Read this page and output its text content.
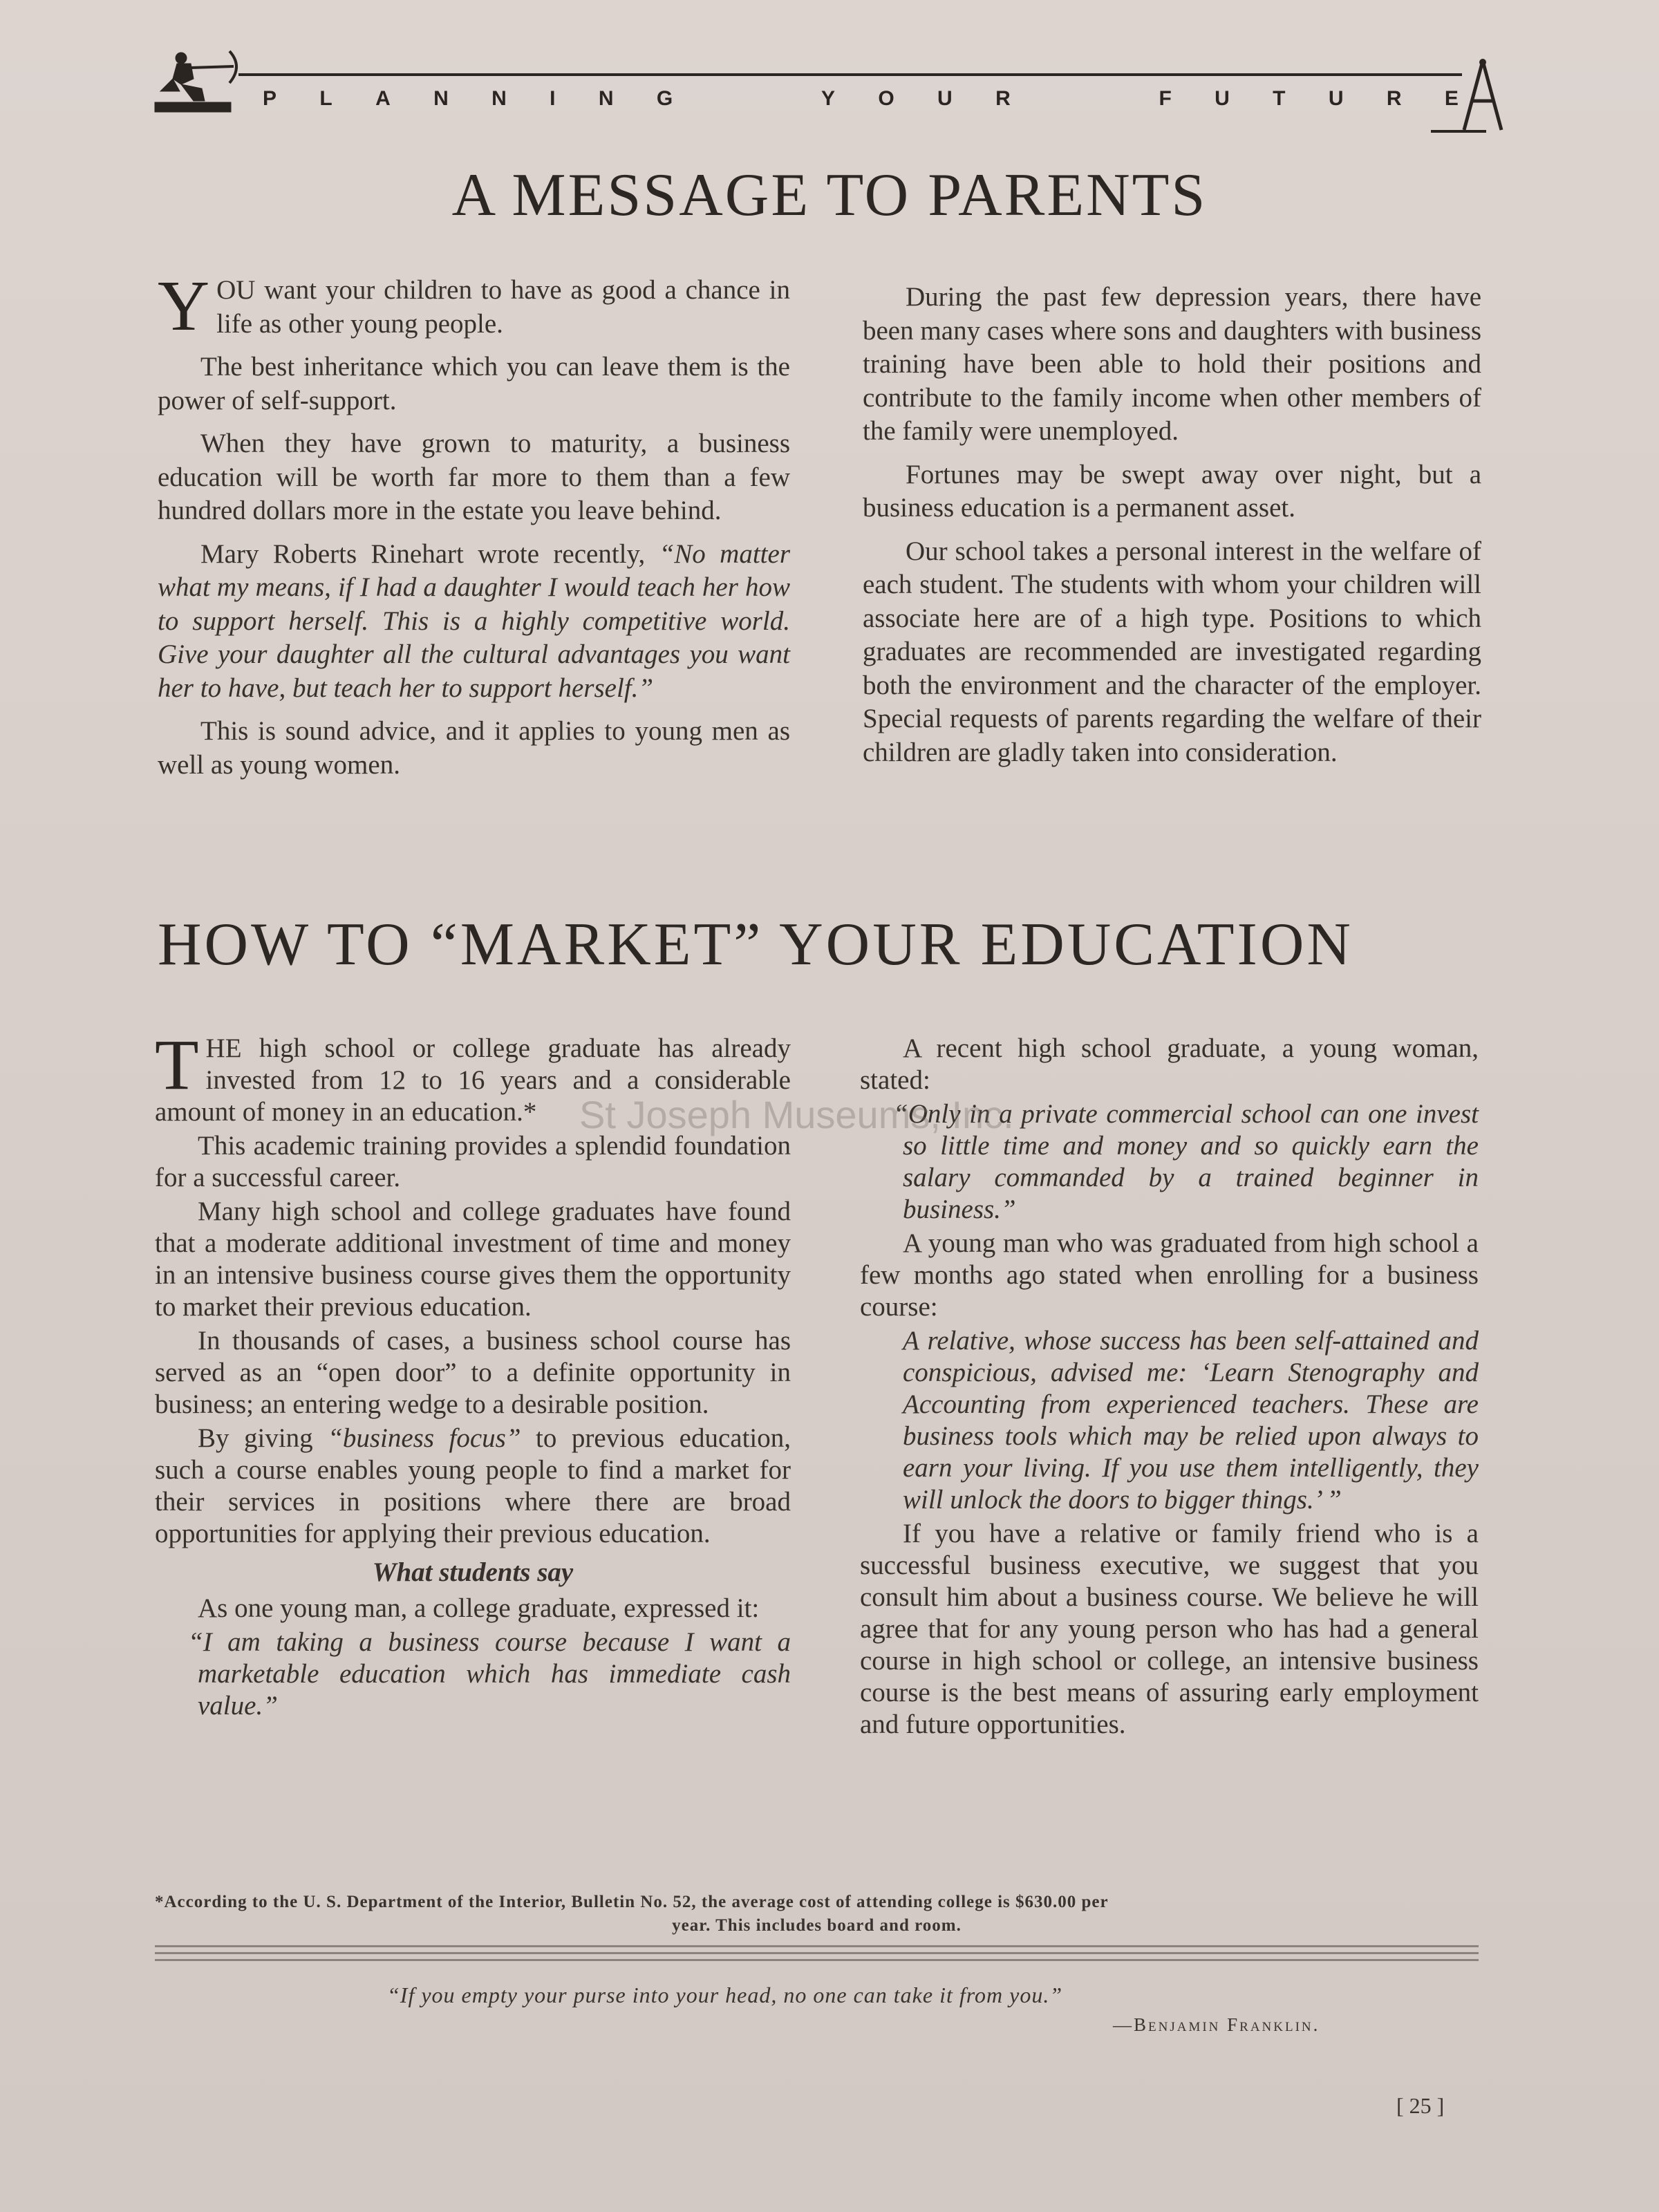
P L A N N I N G	Y O U R	F U T U R E
A MESSAGE TO PARENTS

YOU want your children to have as good a chance in life as other young people.

The best inheritance which you can leave them is the power of self-support.

When they have grown to maturity, a business education will be worth far more to them than a few hundred dollars more in the estate you leave behind.

Mary Roberts Rinehart wrote recently, “No matter what my means, if I had a daughter I would teach her how to support herself. This is a highly competitive world. Give your daughter all the cultural advantages you want her to have, but teach her to support herself.”

This is sound advice, and it applies to young men as well as young women.

During the past few depression years, there have been many cases where sons and daughters with business training have been able to hold their positions and contribute to the family income when other members of the family were unemployed.

Fortunes may be swept away over night, but a business education is a permanent asset.

Our school takes a personal interest in the welfare of each student. The students with whom your children will associate here are of a high type. Positions to which graduates are recommended are investigated regarding both the environment and the character of the employer. Special requests of parents regarding the welfare of their children are gladly taken into consideration.

HOW TO “MARKET” YOUR EDUCATION

THE high school or college graduate has already invested from 12 to 16 years and a considerable amount of money in an education.*

This academic training provides a splendid foundation for a successful career.

Many high school and college graduates have found that a moderate additional investment of time and money in an intensive business course gives them the opportunity to market their previous education.

In thousands of cases, a business school course has served as an “open door” to a definite opportunity in business; an entering wedge to a desirable position.

By giving “business focus” to previous education, such a course enables young people to find a market for their services in positions where there are broad opportunities for applying their previous education.

What students say

As one young man, a college graduate, expressed it:

“I am taking a business course because I want a marketable education which has immediate cash value.”

A recent high school graduate, a young woman, stated:

“Only in a private commercial school can one invest so little time and money and so quickly earn the salary commanded by a trained beginner in business.”

A young man who was graduated from high school a few months ago stated when enrolling for a business course:

A relative, whose success has been self-attained and conspicious, advised me: ‘Learn Stenography and Accounting from experienced teachers. These are business tools which may be relied upon always to earn your living. If you use them intelligently, they will unlock the doors to bigger things.’ ”

If you have a relative or family friend who is a successful business executive, we suggest that you consult him about a business course. We believe he will agree that for any young person who has had a general course in high school or college, an intensive business course is the best means of assuring early employment and future opportunities.

St Joseph Museums, Inc.
*According to the U. S. Department of the Interior, Bulletin No. 52, the average cost of attending college is $630.00 per
year. This includes board and room.
“If you empty your purse into your head, no one can take it from you.”
—Benjamin Franklin.
[ 25 ]
